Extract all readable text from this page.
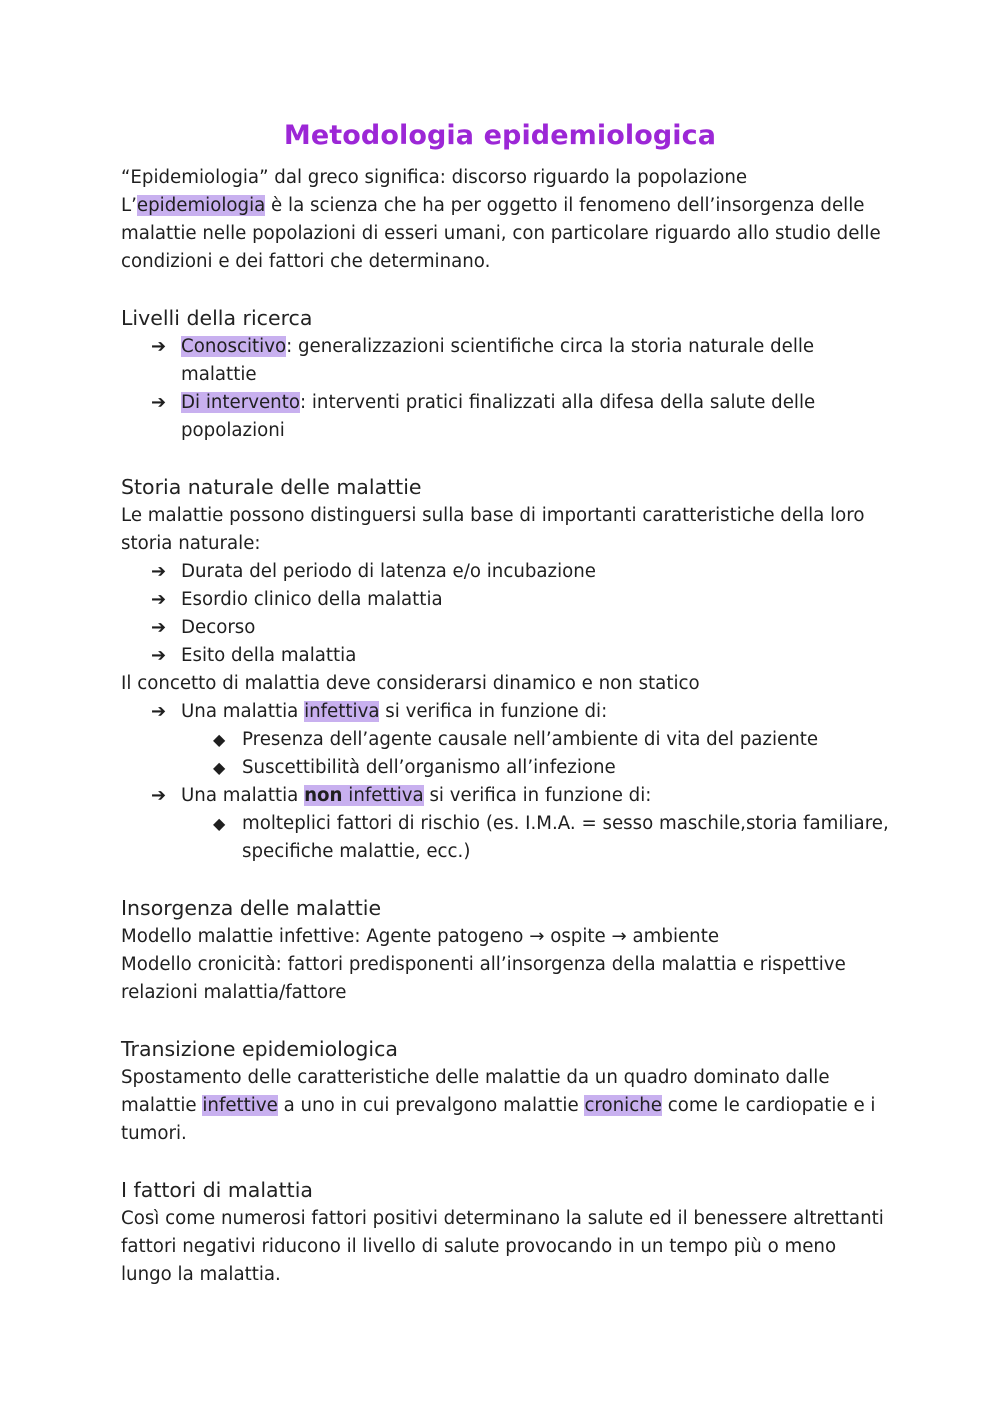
Metodologia epidemiologica

“Epidemiologia” dal greco significa: discorso riguardo la popolazione

L’epidemiologia è la scienza che ha per oggetto il fenomeno dell’insorgenza delle malattie nelle popolazioni di esseri umani, con particolare riguardo allo studio delle condizioni e dei fattori che determinano.

Livelli della ricerca

➔ Conoscitivo: generalizzazioni scientifiche circa la storia naturale delle malattie

➔ Di intervento: interventi pratici finalizzati alla difesa della salute delle popolazioni

Storia naturale delle malattie

Le malattie possono distinguersi sulla base di importanti caratteristiche della loro storia naturale:

➔ Durata del periodo di latenza e/o incubazione

➔ Esordio clinico della malattia

➔ Decorso

➔ Esito della malattia

Il concetto di malattia deve considerarsi dinamico e non statico

➔ Una malattia infettiva si verifica in funzione di:

◆ Presenza dell’agente causale nell’ambiente di vita del paziente

◆ Suscettibilità dell’organismo all’infezione

➔ Una malattia non infettiva si verifica in funzione di:

◆ molteplici fattori di rischio (es. I.M.A. = sesso maschile,storia familiare, specifiche malattie, ecc.)

Insorgenza delle malattie

Modello malattie infettive: Agente patogeno → ospite → ambiente

Modello cronicità: fattori predisponenti all’insorgenza della malattia e rispettive relazioni malattia/fattore

Transizione epidemiologica

Spostamento delle caratteristiche delle malattie da un quadro dominato dalle malattie infettive a uno in cui prevalgono malattie croniche come le cardiopatie e i tumori.

I fattori di malattia

Così come numerosi fattori positivi determinano la salute ed il benessere altrettanti fattori negativi riducono il livello di salute provocando in un tempo più o meno lungo la malattia.
